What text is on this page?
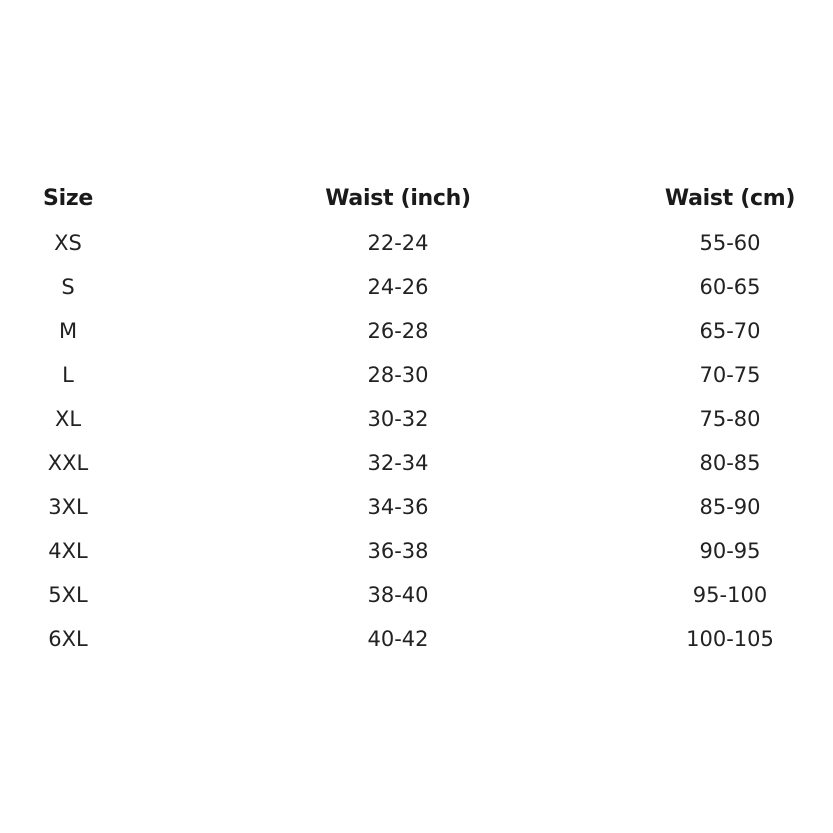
Size	Waist (inch)	Waist (cm)
XS	22-24	55-60
S	24-26	60-65
M	26-28	65-70
L	28-30	70-75
XL	30-32	75-80
XXL	32-34	80-85
3XL	34-36	85-90
4XL	36-38	90-95
5XL	38-40	95-100
6XL	40-42	100-105
